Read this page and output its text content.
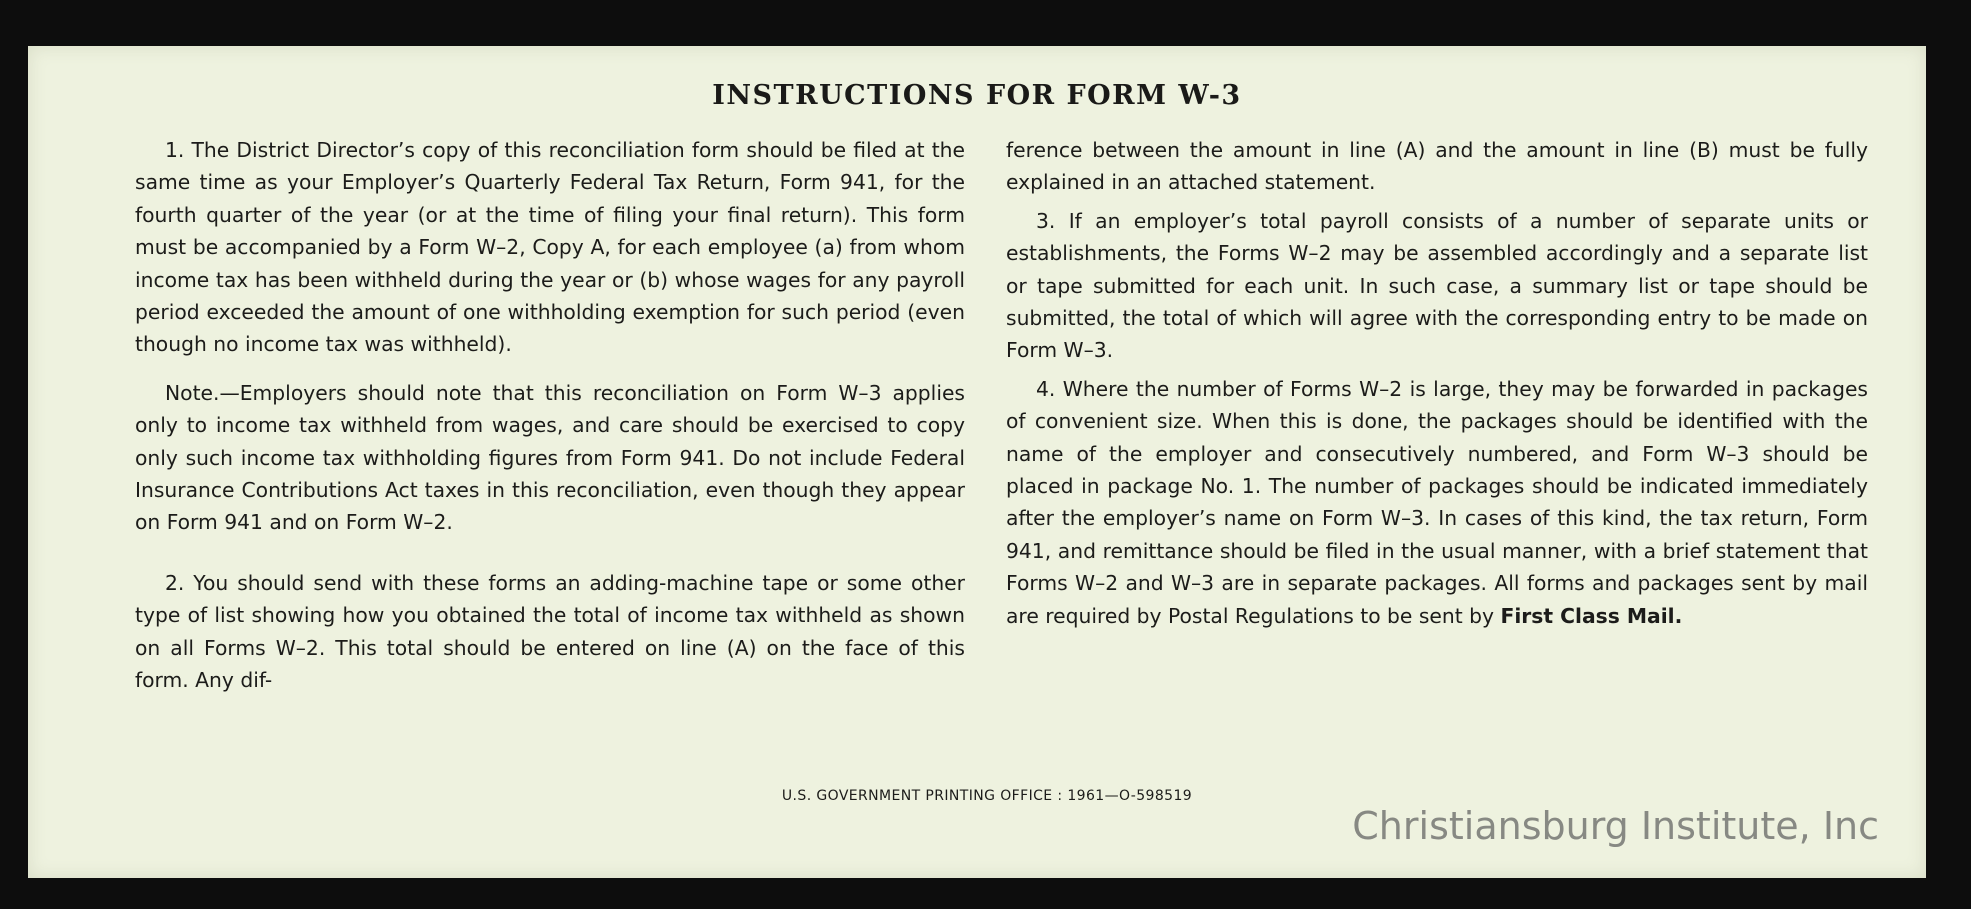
INSTRUCTIONS FOR FORM W-3

1. The District Director’s copy of this reconciliation form should be filed at the same time as your Employer’s Quarterly Federal Tax Return, Form 941, for the fourth quarter of the year (or at the time of filing your final return). This form must be accompanied by a Form W–2, Copy A, for each employee (a) from whom income tax has been withheld during the year or (b) whose wages for any payroll period exceeded the amount of one withholding exemption for such period (even though no income tax was withheld).

Note.—Employers should note that this reconciliation on Form W–3 applies only to income tax withheld from wages, and care should be exercised to copy only such income tax withholding figures from Form 941. Do not include Federal Insurance Contributions Act taxes in this reconciliation, even though they appear on Form 941 and on Form W–2.

2. You should send with these forms an adding-machine tape or some other type of list showing how you obtained the total of income tax withheld as shown on all Forms W–2. This total should be entered on line (A) on the face of this form. Any dif-

ference between the amount in line (A) and the amount in line (B) must be fully explained in an attached statement.

3. If an employer’s total payroll consists of a number of separate units or establishments, the Forms W–2 may be assembled accordingly and a separate list or tape submitted for each unit. In such case, a summary list or tape should be submitted, the total of which will agree with the corresponding entry to be made on Form W–3.

4. Where the number of Forms W–2 is large, they may be forwarded in packages of convenient size. When this is done, the packages should be identified with the name of the employer and consecutively numbered, and Form W–3 should be placed in package No. 1. The number of packages should be indicated immediately after the employer’s name on Form W–3. In cases of this kind, the tax return, Form 941, and remittance should be filed in the usual manner, with a brief statement that Forms W–2 and W–3 are in separate packages. All forms and packages sent by mail are required by Postal Regulations to be sent by First Class Mail.

U.S. GOVERNMENT PRINTING OFFICE : 1961—O-598519
Christiansburg Institute, Inc
